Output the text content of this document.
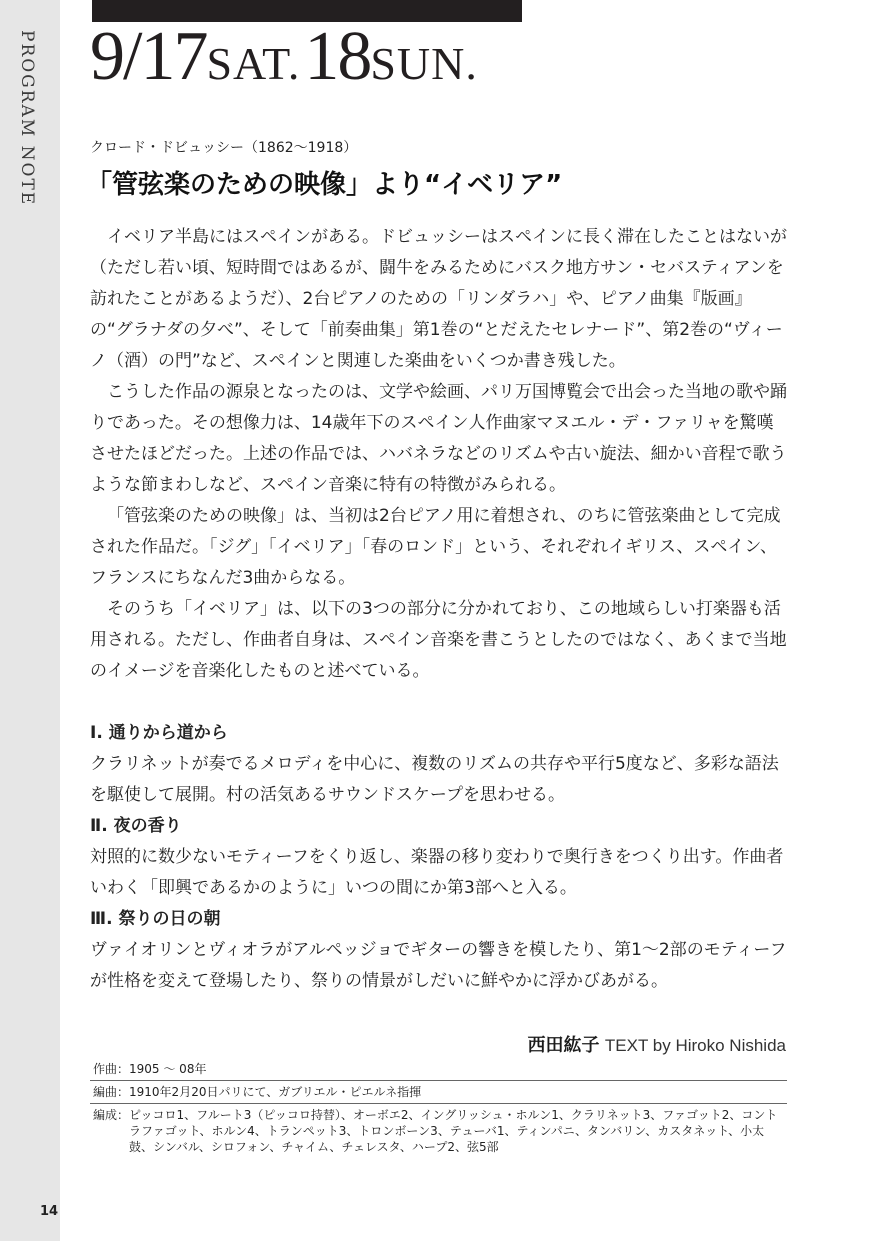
PROGRAM NOTE
14
9/17SAT. 18SUN.
クロード・ドビュッシー（1862～1918）
「管弦楽のための映像」より“イベリア”

イベリア半島にはスペインがある。ドビュッシーはスペインに長く滞在したことはないが（ただし若い頃、短時間ではあるが、闘牛をみるためにバスク地方サン・セバスティアンを訪れたことがあるようだ）、2台ピアノのための「リンダラハ」や、ピアノ曲集『版画』の“グラナダの夕べ”、そして「前奏曲集」第1巻の“とだえたセレナード”、第2巻の“ヴィーノ（酒）の門”など、スペインと関連した楽曲をいくつか書き残した。

こうした作品の源泉となったのは、文学や絵画、パリ万国博覧会で出会った当地の歌や踊りであった。その想像力は、14歳年下のスペイン人作曲家マヌエル・デ・ファリャを驚嘆させたほどだった。上述の作品では、ハバネラなどのリズムや古い旋法、細かい音程で歌うような節まわしなど、スペイン音楽に特有の特徴がみられる。

「管弦楽のための映像」は、当初は2台ピアノ用に着想され、のちに管弦楽曲として完成された作品だ。「ジグ」「イベリア」「春のロンド」という、それぞれイギリス、スペイン、フランスにちなんだ3曲からなる。

そのうち「イベリア」は、以下の3つの部分に分かれており、この地域らしい打楽器も活用される。ただし、作曲者自身は、スペイン音楽を書こうとしたのではなく、あくまで当地のイメージを音楽化したものと述べている。

Ⅰ. 通りから道から

クラリネットが奏でるメロディを中心に、複数のリズムの共存や平行5度など、多彩な語法を駆使して展開。村の活気あるサウンドスケープを思わせる。

Ⅱ. 夜の香り

対照的に数少ないモティーフをくり返し、楽器の移り変わりで奥行きをつくり出す。作曲者いわく「即興であるかのように」いつの間にか第3部へと入る。

Ⅲ. 祭りの日の朝

ヴァイオリンとヴィオラがアルペッジョでギターの響きを模したり、第1～2部のモティーフが性格を変えて登場したり、祭りの情景がしだいに鮮やかに浮かびあがる。

西田紘子 TEXT by Hiroko Nishida
作曲： 1905 ～ 08年
編曲： 1910年2月20日パリにて、ガブリエル・ピエルネ指揮
編成： ピッコロ1、フルート3（ピッコロ持替）、オーボエ2、イングリッシュ・ホルン1、クラリネット3、ファゴット2、コントラファゴット、ホルン4、トランペット3、トロンボーン3、テューバ1、ティンパニ、タンバリン、カスタネット、小太鼓、シンバル、シロフォン、チャイム、チェレスタ、ハープ2、弦5部
